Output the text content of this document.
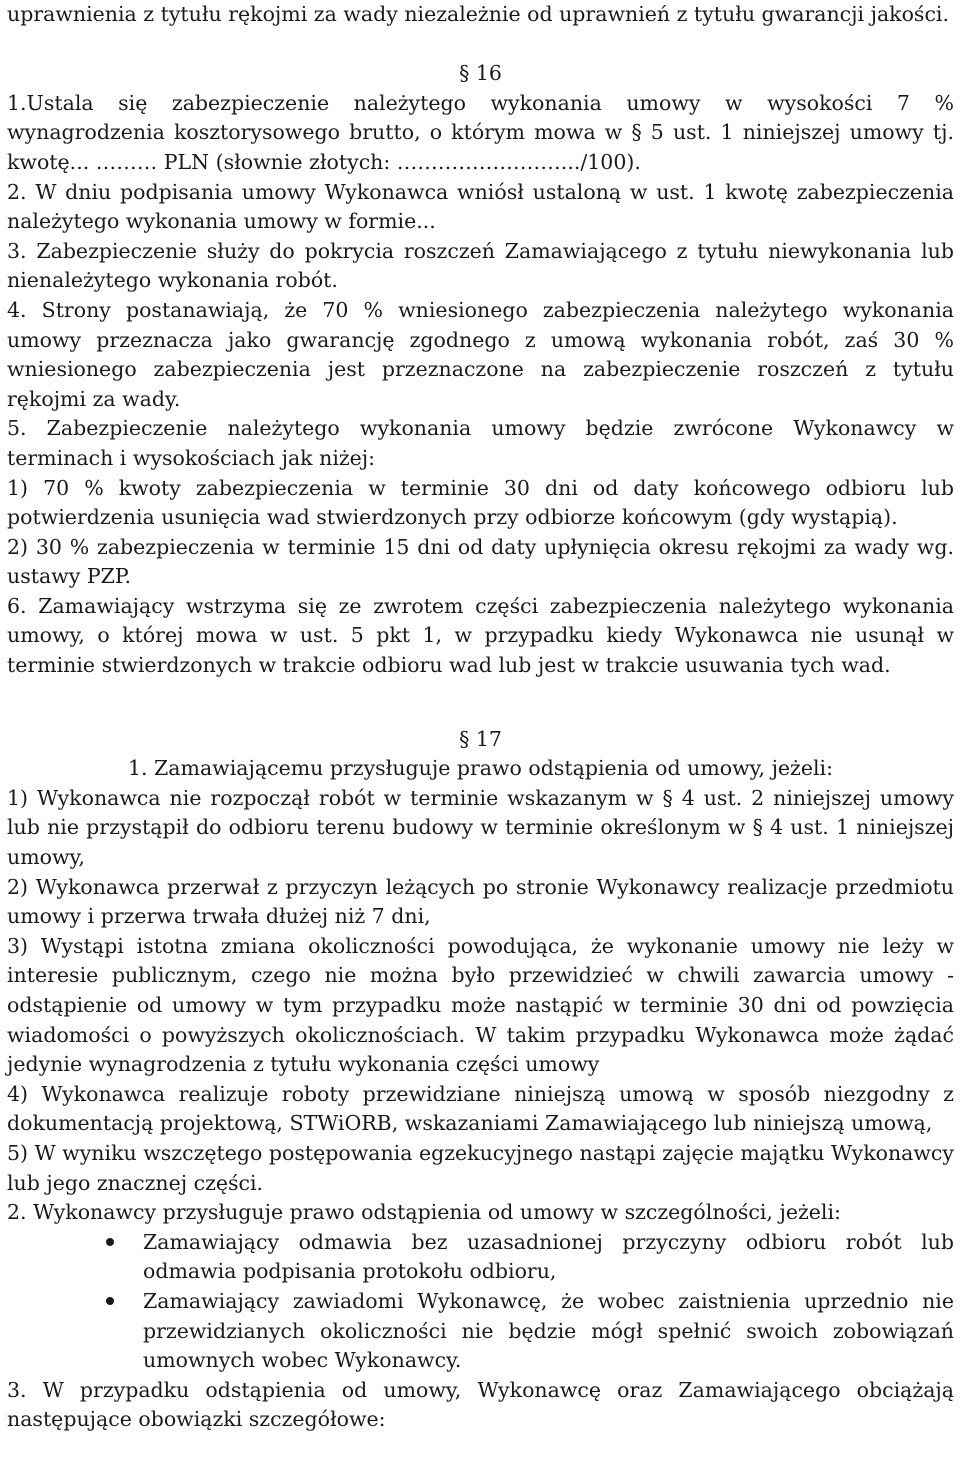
uprawnienia z tytułu rękojmi za wady niezależnie od uprawnień z tytułu gwarancji jakości.

§ 16

1.Ustala się zabezpieczenie należytego wykonania umowy w wysokości 7 % wynagrodzenia kosztorysowego brutto, o którym mowa w § 5 ust. 1 niniejszej umowy tj. kwotę... ……… PLN (słownie złotych: …………………….../100).

2. W dniu podpisania umowy Wykonawca wniósł ustaloną w ust. 1 kwotę zabezpieczenia należytego wykonania umowy w formie...

3. Zabezpieczenie służy do pokrycia roszczeń Zamawiającego z tytułu niewykonania lub nienależytego wykonania robót.

4. Strony postanawiają, że 70 % wniesionego zabezpieczenia należytego wykonania umowy przeznacza jako gwarancję zgodnego z umową wykonania robót, zaś 30 % wniesionego zabezpieczenia jest przeznaczone na zabezpieczenie roszczeń z tytułu rękojmi za wady.

5. Zabezpieczenie należytego wykonania umowy będzie zwrócone Wykonawcy w terminach i wysokościach jak niżej:

1) 70 % kwoty zabezpieczenia w terminie 30 dni od daty końcowego odbioru lub potwierdzenia usunięcia wad stwierdzonych przy odbiorze końcowym (gdy wystąpią).

2) 30 % zabezpieczenia w terminie 15 dni od daty upłynięcia okresu rękojmi za wady wg. ustawy PZP.

6. Zamawiający wstrzyma się ze zwrotem części zabezpieczenia należytego wykonania umowy, o której mowa w ust. 5 pkt 1, w przypadku kiedy Wykonawca nie usunął w terminie stwierdzonych w trakcie odbioru wad lub jest w trakcie usuwania tych wad.

§ 17

1. Zamawiającemu przysługuje prawo odstąpienia od umowy, jeżeli:

1) Wykonawca nie rozpoczął robót w terminie wskazanym w § 4 ust. 2 niniejszej umowy lub nie przystąpił do odbioru terenu budowy w terminie określonym w § 4 ust. 1 niniejszej umowy,

2) Wykonawca przerwał z przyczyn leżących po stronie Wykonawcy realizacje przedmiotu umowy i przerwa trwała dłużej niż 7 dni,

3) Wystąpi istotna zmiana okoliczności powodująca, że wykonanie umowy nie leży w interesie publicznym, czego nie można było przewidzieć w chwili zawarcia umowy - odstąpienie od umowy w tym przypadku może nastąpić w terminie 30 dni od powzięcia wiadomości o powyższych okolicznościach. W takim przypadku Wykonawca może żądać jedynie wynagrodzenia z tytułu wykonania części umowy

4) Wykonawca realizuje roboty przewidziane niniejszą umową w sposób niezgodny z dokumentacją projektową, STWiORB, wskazaniami Zamawiającego lub niniejszą umową,

5) W wyniku wszczętego postępowania egzekucyjnego nastąpi zajęcie majątku Wykonawcy lub jego znacznej części.

2. Wykonawcy przysługuje prawo odstąpienia od umowy w szczególności, jeżeli:

Zamawiający odmawia bez uzasadnionej przyczyny odbioru robót lub odmawia podpisania protokołu odbioru,
Zamawiający zawiadomi Wykonawcę, że wobec zaistnienia uprzednio nie przewidzianych okoliczności nie będzie mógł spełnić swoich zobowiązań umownych wobec Wykonawcy.

3. W przypadku odstąpienia od umowy, Wykonawcę oraz Zamawiającego obciążają następujące obowiązki szczegółowe:
